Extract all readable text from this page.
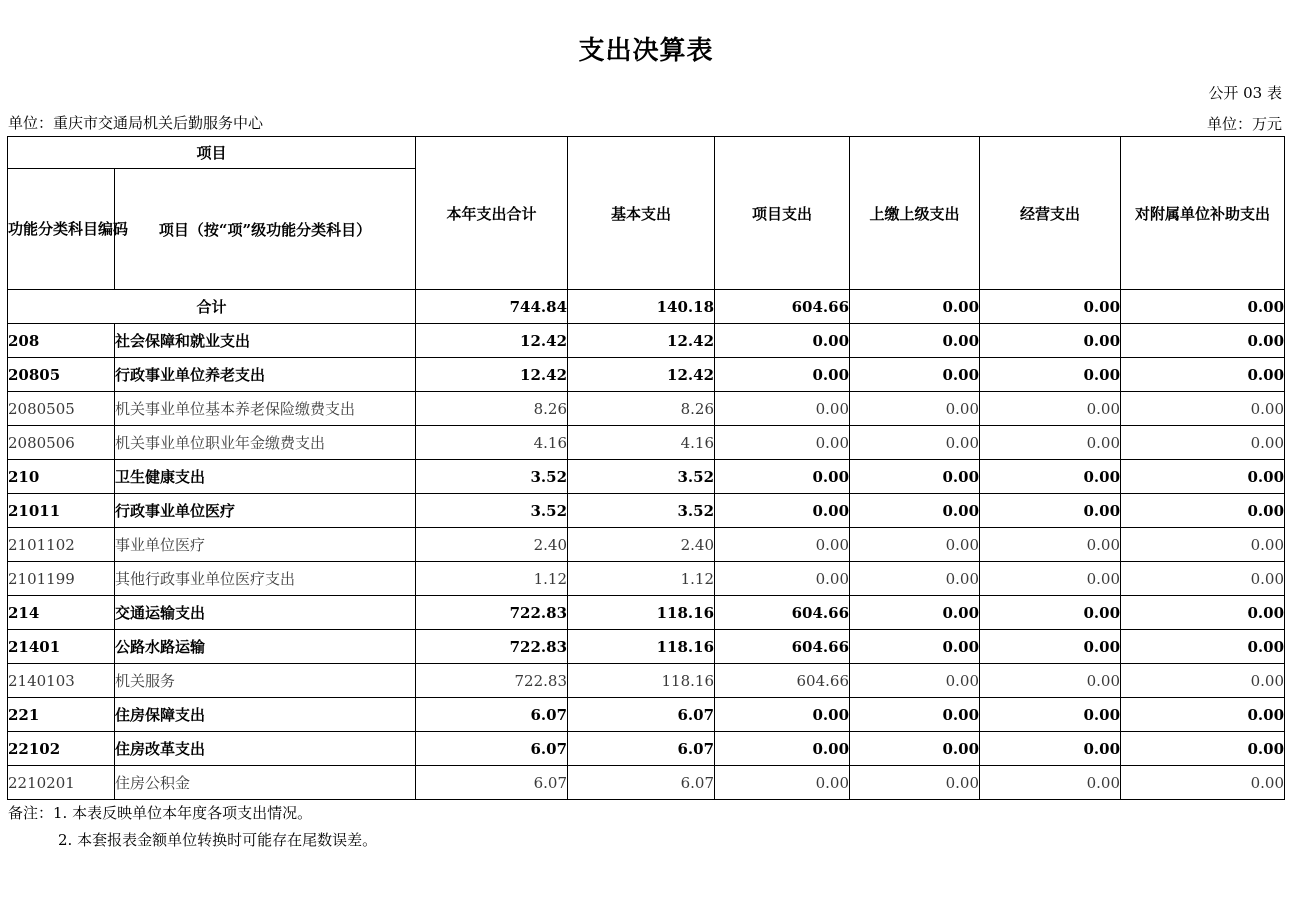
支出决算表
公开 03 表
单位：重庆市交通局机关后勤服务中心	单位：万元
项目		本年支出合计	基本支出	项目支出	上缴上级支出	经营支出	对附属单位补助支出
功能分类科目编码	项目（按“项”级功能分类科目）						
合计		744.84	140.18	604.66	0.00	0.00	0.00
208	社会保障和就业支出	12.42	12.42	0.00	0.00	0.00	0.00
20805	行政事业单位养老支出	12.42	12.42	0.00	0.00	0.00	0.00
2080505	机关事业单位基本养老保险缴费支出	8.26	8.26	0.00	0.00	0.00	0.00
2080506	机关事业单位职业年金缴费支出	4.16	4.16	0.00	0.00	0.00	0.00
210	卫生健康支出	3.52	3.52	0.00	0.00	0.00	0.00
21011	行政事业单位医疗	3.52	3.52	0.00	0.00	0.00	0.00
2101102	事业单位医疗	2.40	2.40	0.00	0.00	0.00	0.00
2101199	其他行政事业单位医疗支出	1.12	1.12	0.00	0.00	0.00	0.00
214	交通运输支出	722.83	118.16	604.66	0.00	0.00	0.00
21401	公路水路运输	722.83	118.16	604.66	0.00	0.00	0.00
2140103	机关服务	722.83	118.16	604.66	0.00	0.00	0.00
221	住房保障支出	6.07	6.07	0.00	0.00	0.00	0.00
22102	住房改革支出	6.07	6.07	0.00	0.00	0.00	0.00
2210201	住房公积金	6.07	6.07	0.00	0.00	0.00	0.00
备注：1. 本表反映单位本年度各项支出情况。
2. 本套报表金额单位转换时可能存在尾数误差。
